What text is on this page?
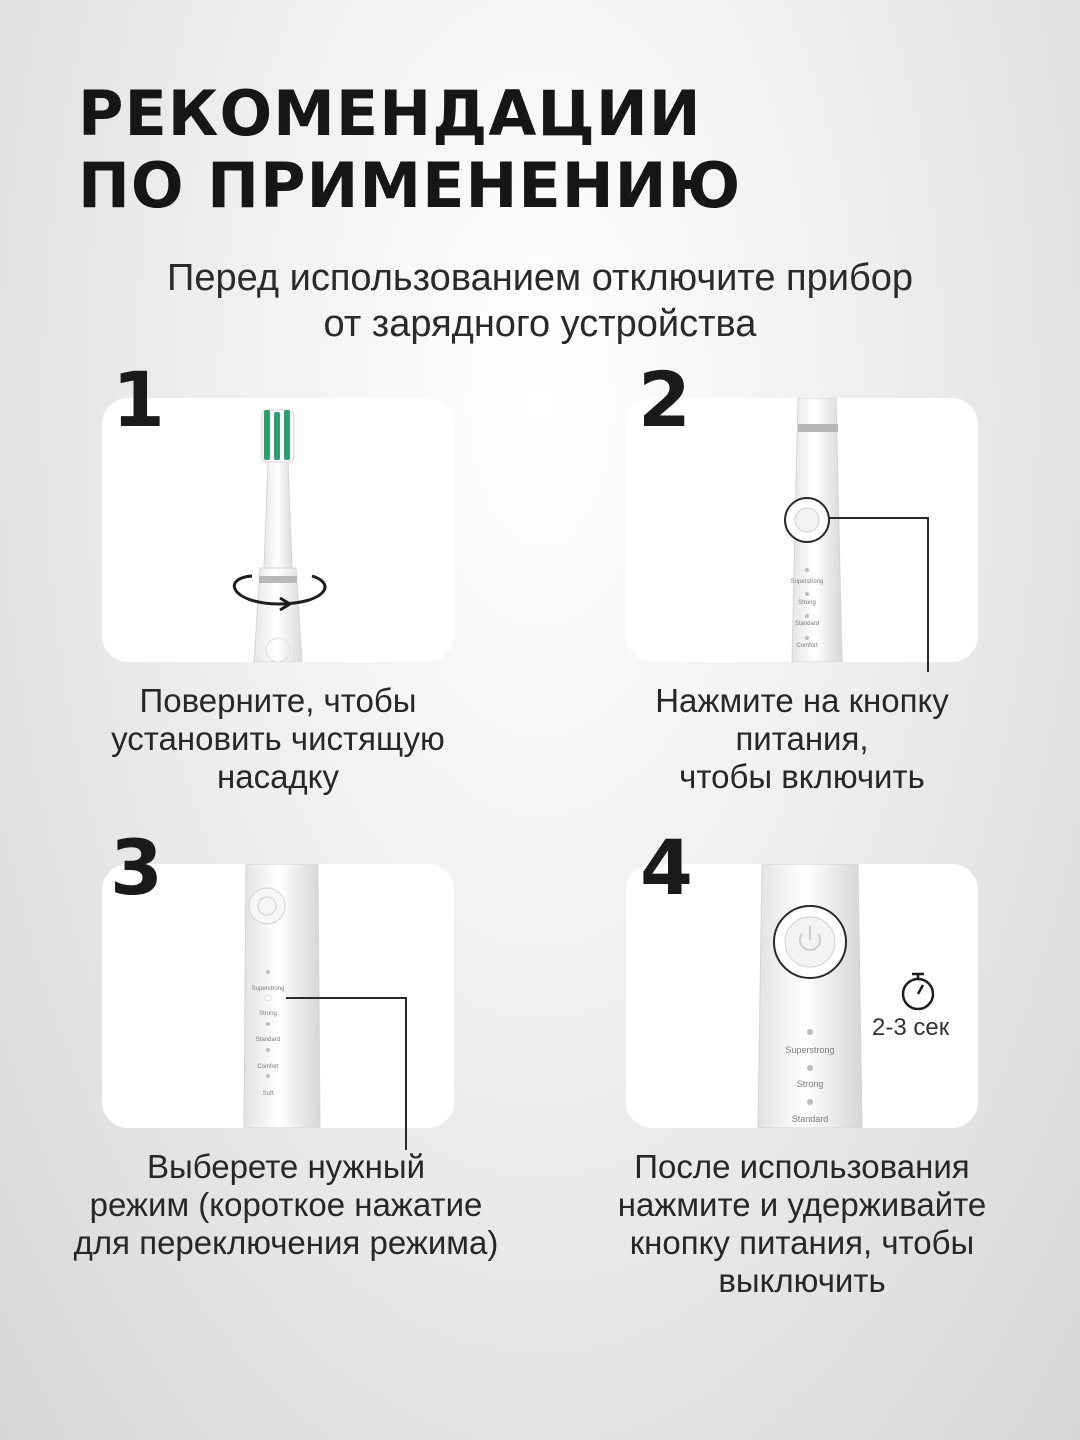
РЕКОМЕНДАЦИИ
ПО ПРИМЕНЕНИЮ
Перед использованием отключите прибор
от зарядного устройства
1
Поверните, чтобы
установить чистящую
насадку
Superstrong
Strong
Standard
Comfort
2
Нажмите на кнопку
питания,
чтобы включить
Superstrong
Strong
Standard
Comfort
Soft
3
Выберете нужный
режим (короткое нажатие
для переключения режима)
Superstrong
Strong
Standard
4
2-3 сек
После использования
нажмите и удерживайте
кнопку питания, чтобы
выключить
